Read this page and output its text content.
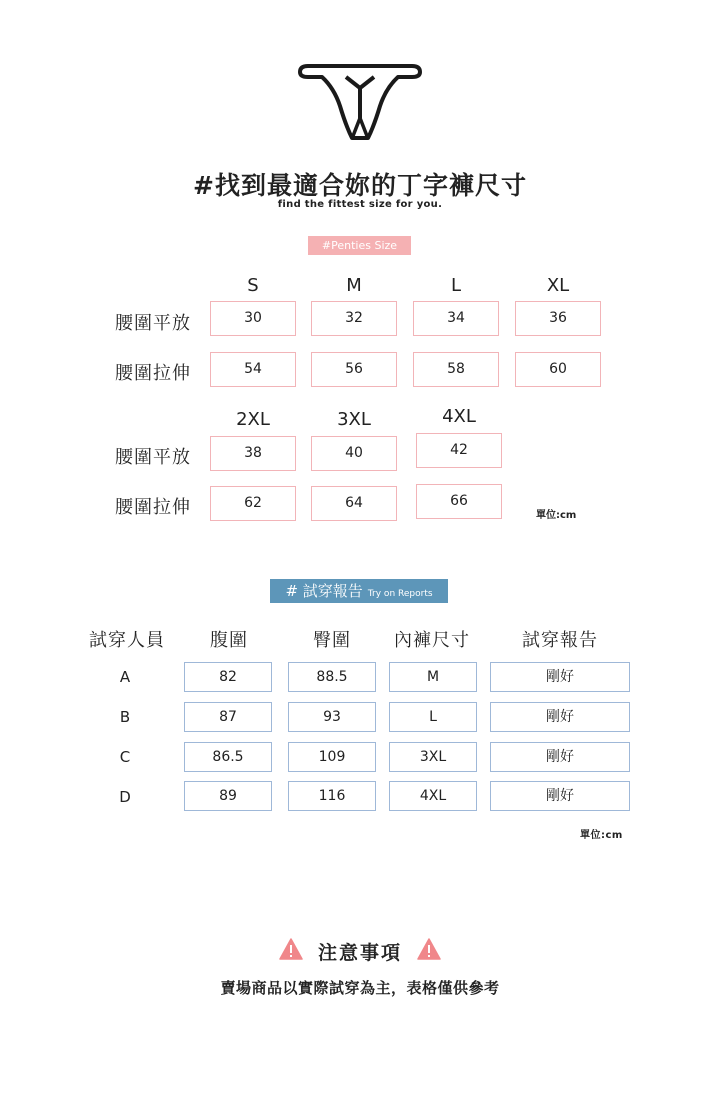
#找到最適合妳的丁字褲尺寸
find the fittest size for you.
#Penties Size
S	M	L	XL
腰圍平放	30	32	34	36
腰圍拉伸	54	56	58	60
2XL	3XL	4XL
腰圍平放	38	40	42
腰圍拉伸	62	64	66
單位:cm
# 試穿報告 Try on Reports
試穿人員	腹圍	臀圍	內褲尺寸	試穿報告
A	82	88.5	M	剛好
B	87	93	L	剛好
C	86.5	109	3XL	剛好
D	89	116	4XL	剛好
單位:cm
注意事項
賣場商品以實際試穿為主，表格僅供參考
